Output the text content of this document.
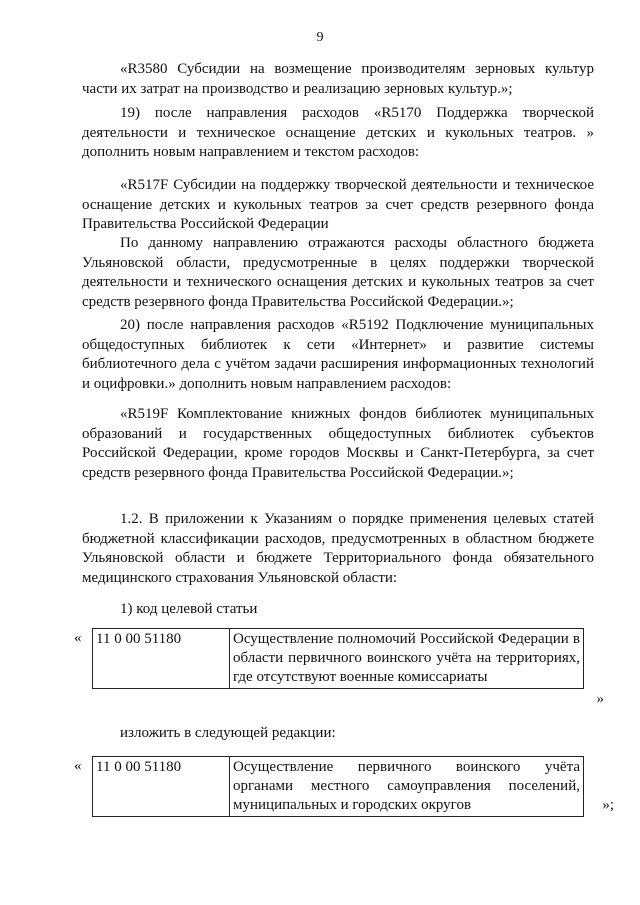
9

«R3580 Субсидии на возмещение производителям зерновых культур части их затрат на производство и реализацию зерновых культур.»;

19) после направления расходов «R5170 Поддержка творческой деятельности и техническое оснащение детских и кукольных театров. » дополнить новым направлением и текстом расходов:

«R517F Субсидии на поддержку творческой деятельности и техническое оснащение детских и кукольных театров за счет средств резервного фонда Правительства Российской Федерации

По данному направлению отражаются расходы областного бюджета Ульяновской области, предусмотренные в целях поддержки творческой деятельности и технического оснащения детских и кукольных театров за счет средств резервного фонда Правительства Российской Федерации.»;

20) после направления расходов «R5192 Подключение муниципальных общедоступных библиотек к сети «Интернет» и развитие системы библиотечного дела с учётом задачи расширения информационных технологий и оцифровки.» дополнить новым направлением расходов:

«R519F Комплектование книжных фондов библиотек муниципальных образований и государственных общедоступных библиотек субъектов Российской Федерации, кроме городов Москвы и Санкт-Петербурга, за счет средств резервного фонда Правительства Российской Федерации.»;

1.2. В приложении к Указаниям о порядке применения целевых статей бюджетной классификации расходов, предусмотренных в областном бюджете Ульяновской области и бюджете Территориального фонда обязательного медицинского страхования Ульяновской области:

1) код целевой статьи

« 11 0 00 51180	Осуществление полномочий Российской Федерации в области первичного воинского учёта на территориях, где отсутствуют военные комиссариаты
»

изложить в следующей редакции:

« 11 0 00 51180	Осуществление первичного воинского учёта органами местного самоуправления поселений, муниципальных и городских округов	»;
